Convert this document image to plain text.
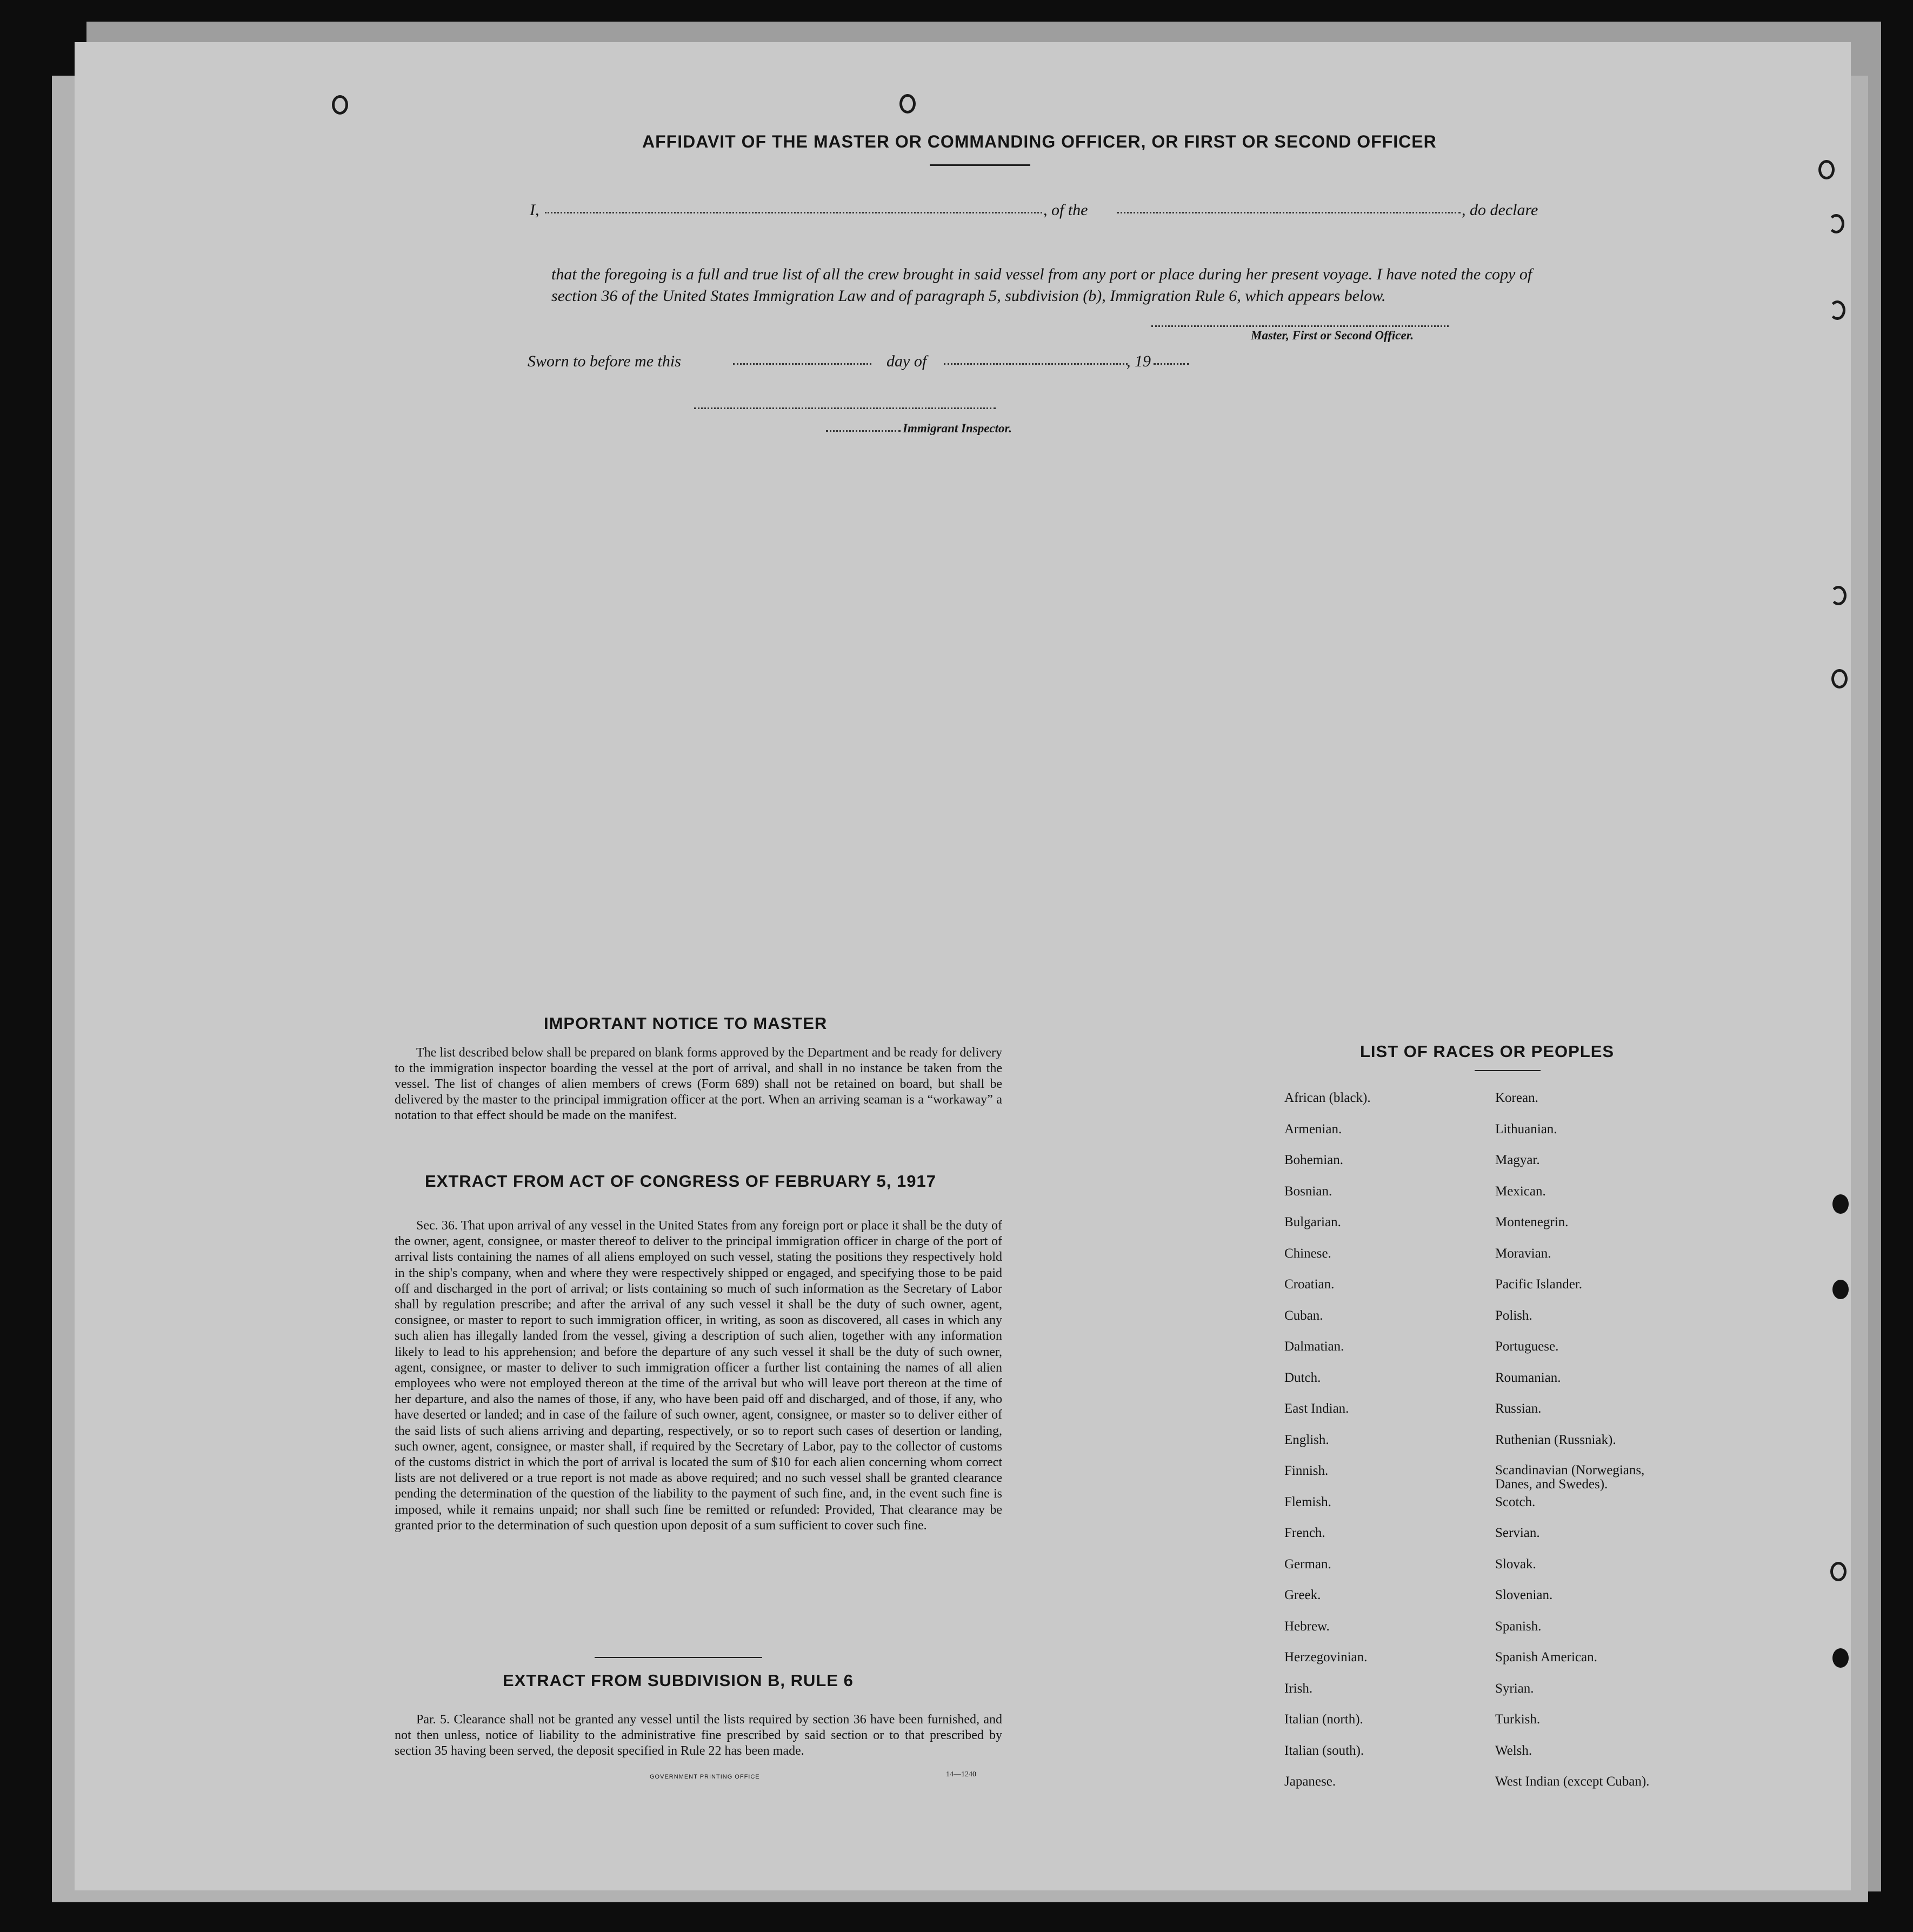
AFFIDAVIT OF THE MASTER OR COMMANDING OFFICER, OR FIRST OR SECOND OFFICER
I,	, of the	, do declare
that the foregoing is a full and true list of all the crew brought in said vessel from any port or place during her present voyage. I have noted the copy of section 36 of the United States Immigration Law and of paragraph 5, subdivision (b), Immigration Rule 6, which appears below.
Master, First or Second Officer.
Sworn to before me this	day of	, 19
Immigrant Inspector.
IMPORTANT NOTICE TO MASTER
The list described below shall be prepared on blank forms approved by the Department and be ready for delivery to the immigration inspector boarding the vessel at the port of arrival, and shall in no instance be taken from the vessel. The list of changes of alien members of crews (Form 689) shall not be retained on board, but shall be delivered by the master to the principal immigration officer at the port. When an arriving seaman is a “workaway” a notation to that effect should be made on the manifest.
EXTRACT FROM ACT OF CONGRESS OF FEBRUARY 5, 1917
Sec. 36. That upon arrival of any vessel in the United States from any foreign port or place it shall be the duty of the owner, agent, consignee, or master thereof to deliver to the principal immigration officer in charge of the port of arrival lists containing the names of all aliens employed on such vessel, stating the positions they respectively hold in the ship's company, when and where they were respectively shipped or engaged, and specifying those to be paid off and discharged in the port of arrival; or lists containing so much of such information as the Secretary of Labor shall by regulation prescribe; and after the arrival of any such vessel it shall be the duty of such owner, agent, consignee, or master to report to such immigration officer, in writing, as soon as discovered, all cases in which any such alien has illegally landed from the vessel, giving a description of such alien, together with any information likely to lead to his apprehension; and before the departure of any such vessel it shall be the duty of such owner, agent, consignee, or master to deliver to such immigration officer a further list containing the names of all alien employees who were not employed thereon at the time of the arrival but who will leave port thereon at the time of her departure, and also the names of those, if any, who have been paid off and discharged, and of those, if any, who have deserted or landed; and in case of the failure of such owner, agent, consignee, or master so to deliver either of the said lists of such aliens arriving and departing, respectively, or so to report such cases of desertion or landing, such owner, agent, consignee, or master shall, if required by the Secretary of Labor, pay to the collector of customs of the customs district in which the port of arrival is located the sum of $10 for each alien concerning whom correct lists are not delivered or a true report is not made as above required; and no such vessel shall be granted clearance pending the determination of the question of the liability to the payment of such fine, and, in the event such fine is imposed, while it remains unpaid; nor shall such fine be remitted or refunded: Provided, That clearance may be granted prior to the determination of such question upon deposit of a sum sufficient to cover such fine.
EXTRACT FROM SUBDIVISION B, RULE 6
Par. 5. Clearance shall not be granted any vessel until the lists required by section 36 have been furnished, and not then unless, notice of liability to the administrative fine prescribed by said section or to that prescribed by section 35 having been served, the deposit specified in Rule 22 has been made.
GOVERNMENT PRINTING OFFICE	14—1240
LIST OF RACES OR PEOPLES
African (black).
Armenian.
Bohemian.
Bosnian.
Bulgarian.
Chinese.
Croatian.
Cuban.
Dalmatian.
Dutch.
East Indian.
English.
Finnish.
Flemish.
French.
German.
Greek.
Hebrew.
Herzegovinian.
Irish.
Italian (north).
Italian (south).
Japanese.
Korean.
Lithuanian.
Magyar.
Mexican.
Montenegrin.
Moravian.
Pacific Islander.
Polish.
Portuguese.
Roumanian.
Russian.
Ruthenian (Russniak).
Scandinavian (Norwegians, Danes, and Swedes).
Scotch.
Servian.
Slovak.
Slovenian.
Spanish.
Spanish American.
Syrian.
Turkish.
Welsh.
West Indian (except Cuban).
